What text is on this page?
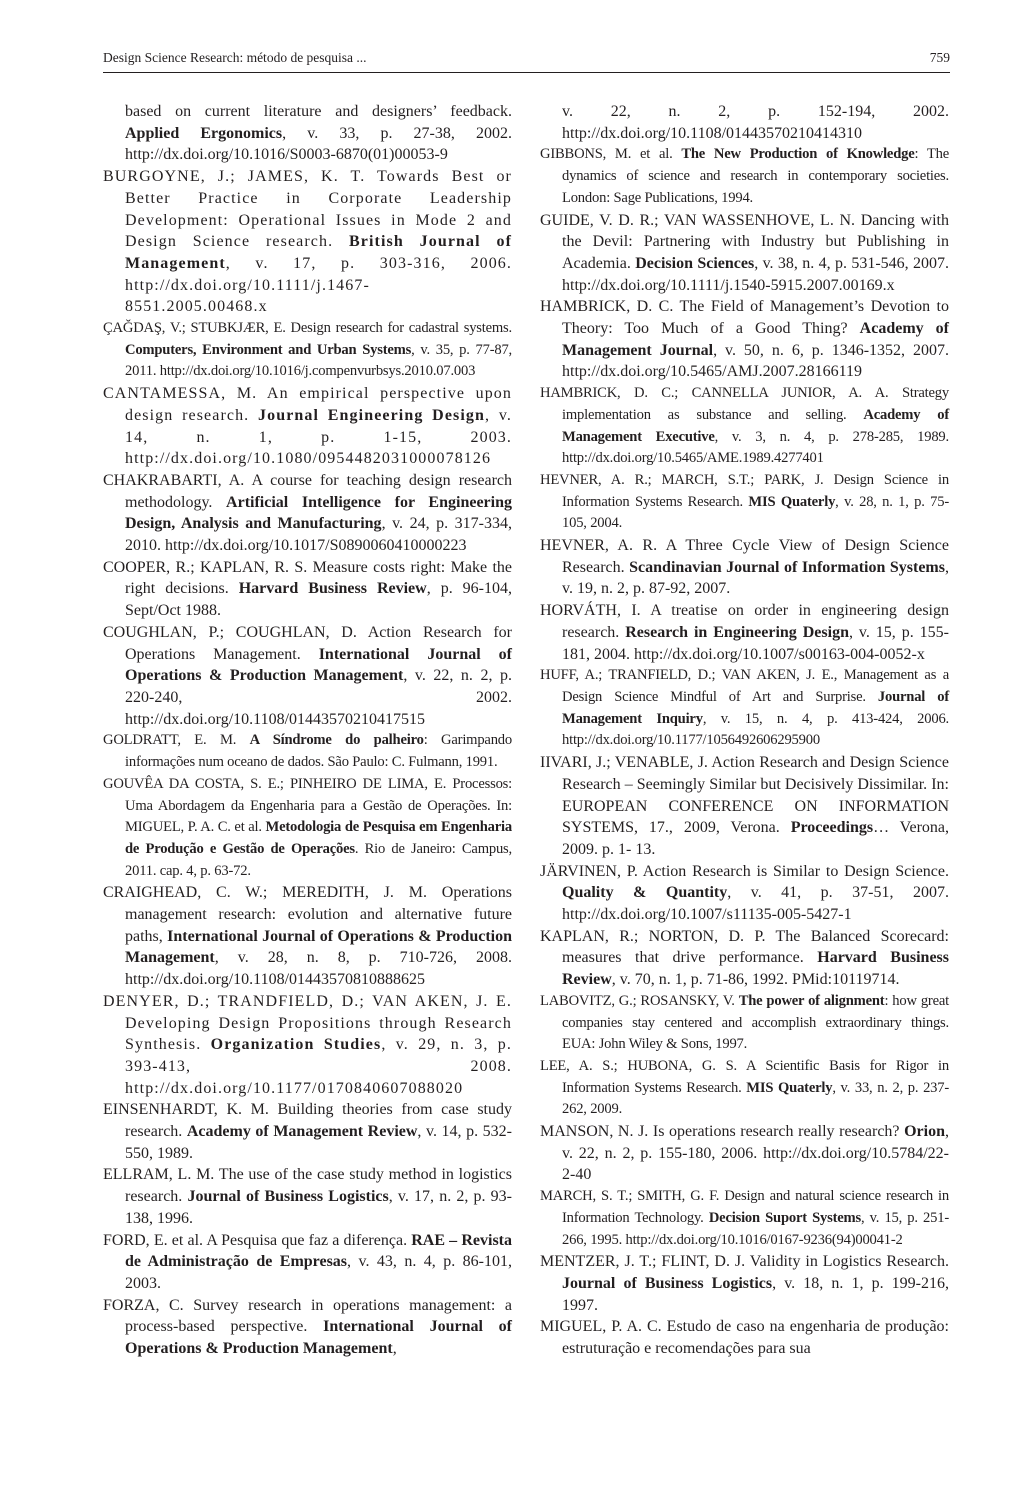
Design Science Research: método de pesquisa ...	759

based on current literature and designers’ feedback. Applied Ergonomics, v. 33, p. 27-38, 2002. http://dx.doi.org/10.1016/S0003-6870(01)00053-9

BURGOYNE, J.; JAMES, K. T. Towards Best or Better Practice in Corporate Leadership Development: Operational Issues in Mode 2 and Design Science research. British Journal of Management, v. 17, p. 303-316, 2006. http://dx.doi.org/10.1111/j.1467-8551.2005.00468.x

ÇAĞDAŞ, V.; STUBKJÆR, E. Design research for cadastral systems. Computers, Environment and Urban Systems, v. 35, p. 77-87, 2011. http://dx.doi.org/10.1016/j.compenvurbsys.2010.07.003

CANTAMESSA, M. An empirical perspective upon design research. Journal Engineering Design, v. 14, n. 1, p. 1-15, 2003. http://dx.doi.org/10.1080/0954482031000078126

CHAKRABARTI, A. A course for teaching design research methodology. Artificial Intelligence for Engineering Design, Analysis and Manufacturing, v. 24, p. 317-334, 2010. http://dx.doi.org/10.1017/S0890060410000223

COOPER, R.; KAPLAN, R. S. Measure costs right: Make the right decisions. Harvard Business Review, p. 96-104, Sept/Oct 1988.

COUGHLAN, P.; COUGHLAN, D. Action Research for Operations Management. International Journal of Operations & Production Management, v. 22, n. 2, p. 220-240, 2002. http://dx.doi.org/10.1108/01443570210417515

GOLDRATT, E. M. A Síndrome do palheiro: Garimpando informações num oceano de dados. São Paulo: C. Fulmann, 1991.

GOUVÊA DA COSTA, S. E.; PINHEIRO DE LIMA, E. Processos: Uma Abordagem da Engenharia para a Gestão de Operações. In: MIGUEL, P. A. C. et al. Metodologia de Pesquisa em Engenharia de Produção e Gestão de Operações. Rio de Janeiro: Campus, 2011. cap. 4, p. 63-72.

CRAIGHEAD, C. W.; MEREDITH, J. M. Operations management research: evolution and alternative future paths, International Journal of Operations & Production Management, v. 28, n. 8, p. 710-726, 2008. http://dx.doi.org/10.1108/01443570810888625

DENYER, D.; TRANDFIELD, D.; VAN AKEN, J. E. Developing Design Propositions through Research Synthesis. Organization Studies, v. 29, n. 3, p. 393-413, 2008. http://dx.doi.org/10.1177/0170840607088020

EINSENHARDT, K. M. Building theories from case study research. Academy of Management Review, v. 14, p. 532-550, 1989.

ELLRAM, L. M. The use of the case study method in logistics research. Journal of Business Logistics, v. 17, n. 2, p. 93-138, 1996.

FORD, E. et al. A Pesquisa que faz a diferença. RAE – Revista de Administração de Empresas, v. 43, n. 4, p. 86-101, 2003.

FORZA, C. Survey research in operations management: a process-based perspective. International Journal of Operations & Production Management,

v. 22, n. 2, p. 152-194, 2002. http://dx.doi.org/10.1108/01443570210414310

GIBBONS, M. et al. The New Production of Knowledge: The dynamics of science and research in contemporary societies. London: Sage Publications, 1994.

GUIDE, V. D. R.; VAN WASSENHOVE, L. N. Dancing with the Devil: Partnering with Industry but Publishing in Academia. Decision Sciences, v. 38, n. 4, p. 531-546, 2007. http://dx.doi.org/10.1111/j.1540-5915.2007.00169.x

HAMBRICK, D. C. The Field of Management’s Devotion to Theory: Too Much of a Good Thing? Academy of Management Journal, v. 50, n. 6, p. 1346-1352, 2007. http://dx.doi.org/10.5465/AMJ.2007.28166119

HAMBRICK, D. C.; CANNELLA JUNIOR, A. A. Strategy implementation as substance and selling. Academy of Management Executive, v. 3, n. 4, p. 278-285, 1989. http://dx.doi.org/10.5465/AME.1989.4277401

HEVNER, A. R.; MARCH, S.T.; PARK, J. Design Science in Information Systems Research. MIS Quaterly, v. 28, n. 1, p. 75-105, 2004.

HEVNER, A. R. A Three Cycle View of Design Science Research. Scandinavian Journal of Information Systems, v. 19, n. 2, p. 87-92, 2007.

HORVÁTH, I. A treatise on order in engineering design research. Research in Engineering Design, v. 15, p. 155-181, 2004. http://dx.doi.org/10.1007/s00163-004-0052-x

HUFF, A.; TRANFIELD, D.; VAN AKEN, J. E., Management as a Design Science Mindful of Art and Surprise. Journal of Management Inquiry, v. 15, n. 4, p. 413-424, 2006. http://dx.doi.org/10.1177/1056492606295900

IIVARI, J.; VENABLE, J. Action Research and Design Science Research – Seemingly Similar but Decisively Dissimilar. In: EUROPEAN CONFERENCE ON INFORMATION SYSTEMS, 17., 2009, Verona. Proceedings… Verona, 2009. p. 1- 13.

JÄRVINEN, P. Action Research is Similar to Design Science. Quality & Quantity, v. 41, p. 37-51, 2007. http://dx.doi.org/10.1007/s11135-005-5427-1

KAPLAN, R.; NORTON, D. P. The Balanced Scorecard: measures that drive performance. Harvard Business Review, v. 70, n. 1, p. 71-86, 1992. PMid:10119714.

LABOVITZ, G.; ROSANSKY, V. The power of alignment: how great companies stay centered and accomplish extraordinary things. EUA: John Wiley & Sons, 1997.

LEE, A. S.; HUBONA, G. S. A Scientific Basis for Rigor in Information Systems Research. MIS Quaterly, v. 33, n. 2, p. 237-262, 2009.

MANSON, N. J. Is operations research really research? Orion, v. 22, n. 2, p. 155-180, 2006. http://dx.doi.org/10.5784/22-2-40

MARCH, S. T.; SMITH, G. F. Design and natural science research in Information Technology. Decision Suport Systems, v. 15, p. 251-266, 1995. http://dx.doi.org/10.1016/0167-9236(94)00041-2

MENTZER, J. T.; FLINT, D. J. Validity in Logistics Research. Journal of Business Logistics, v. 18, n. 1, p. 199-216, 1997.

MIGUEL, P. A. C. Estudo de caso na engenharia de produção: estruturação e recomendações para sua
